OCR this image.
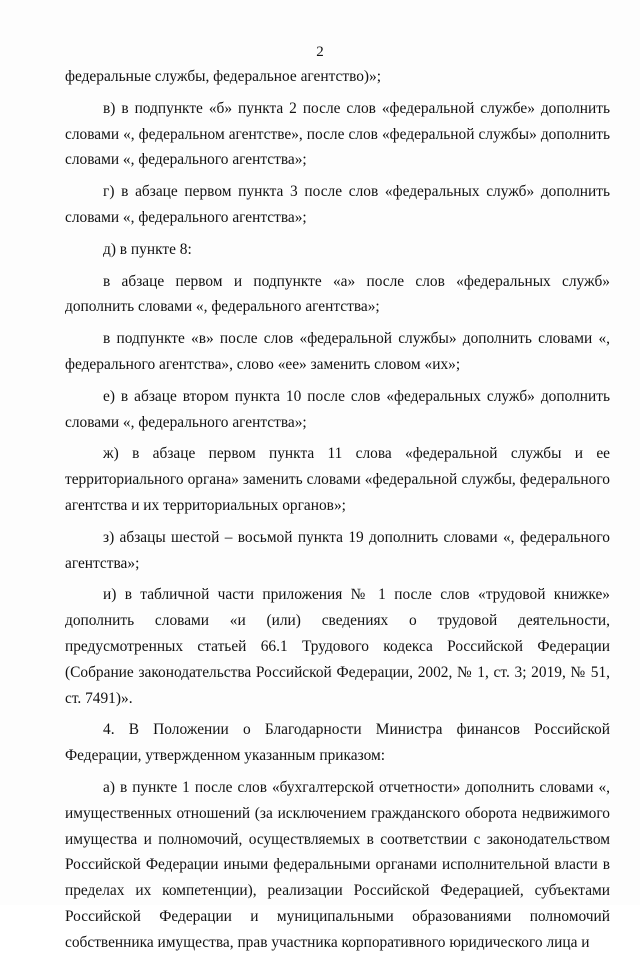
2

федеральные службы, федеральное агентство)»;

в) в подпункте «б» пункта 2 после слов «федеральной службе» дополнить словами «, федеральном агентстве», после слов «федеральной службы» дополнить словами «, федерального агентства»;

г) в абзаце первом пункта 3 после слов «федеральных служб» дополнить словами «, федерального агентства»;

д) в пункте 8:

в абзаце первом и подпункте «а» после слов «федеральных служб» дополнить словами «, федерального агентства»;

в подпункте «в» после слов «федеральной службы» дополнить словами «, федерального агентства», слово «ее» заменить словом «их»;

е) в абзаце втором пункта 10 после слов «федеральных служб» дополнить словами «, федерального агентства»;

ж) в абзаце первом пункта 11 слова «федеральной службы и ее территориального органа» заменить словами «федеральной службы, федерального агентства и их территориальных органов»;

з) абзацы шестой – восьмой пункта 19 дополнить словами «, федерального агентства»;

и) в табличной части приложения № 1 после слов «трудовой книжке» дополнить словами «и (или) сведениях о трудовой деятельности, предусмотренных статьей 66.1 Трудового кодекса Российской Федерации (Собрание законодательства Российской Федерации, 2002, № 1, ст. 3; 2019, № 51, ст. 7491)».

4. В Положении о Благодарности Министра финансов Российской Федерации, утвержденном указанным приказом:

а) в пункте 1 после слов «бухгалтерской отчетности» дополнить словами «, имущественных отношений (за исключением гражданского оборота недвижимого имущества и полномочий, осуществляемых в соответствии с законодательством Российской Федерации иными федеральными органами исполнительной власти в пределах их компетенции), реализации Российской Федерацией, субъектами Российской Федерации и муниципальными образованиями полномочий собственника имущества, прав участника корпоративного юридического лица и
